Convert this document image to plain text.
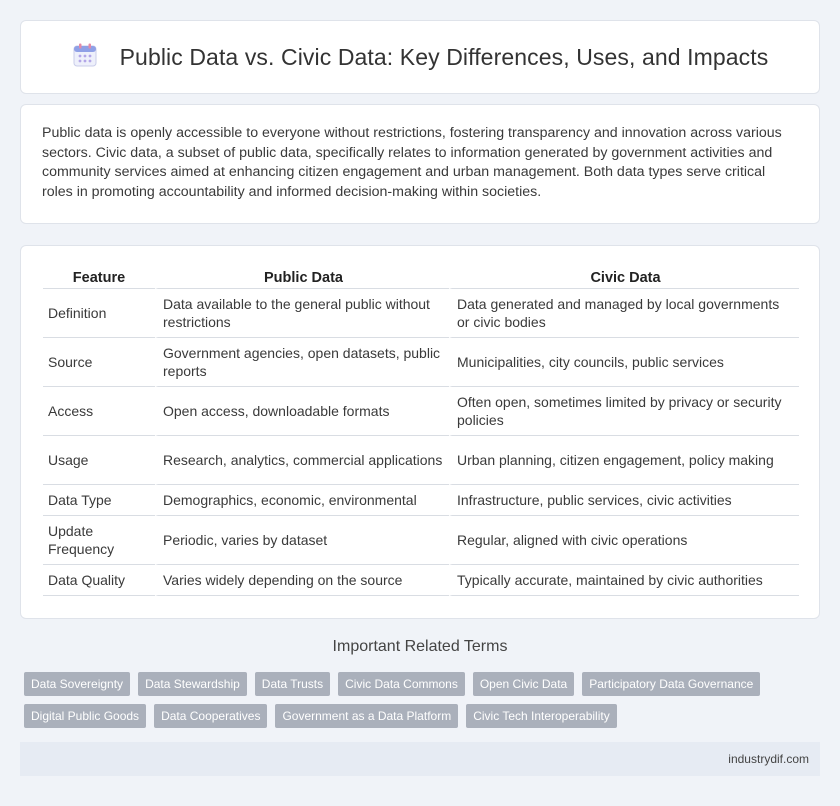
Public Data vs. Civic Data: Key Differences, Uses, and Impacts

Public data is openly accessible to everyone without restrictions, fostering transparency and innovation across various sectors. Civic data, a subset of public data, specifically relates to information generated by government activities and community services aimed at enhancing citizen engagement and urban management. Both data types serve critical roles in promoting accountability and informed decision-making within societies.

Feature	Public Data	Civic Data
Definition	Data available to the general public without restrictions	Data generated and managed by local governments or civic bodies
Source	Government agencies, open datasets, public reports	Municipalities, city councils, public services
Access	Open access, downloadable formats	Often open, sometimes limited by privacy or security policies
Usage	Research, analytics, commercial applications	Urban planning, citizen engagement, policy making
Data Type	Demographics, economic, environmental	Infrastructure, public services, civic activities
Update Frequency	Periodic, varies by dataset	Regular, aligned with civic operations
Data Quality	Varies widely depending on the source	Typically accurate, maintained by civic authorities
Important Related Terms
Data Sovereignty	Data Stewardship	Data Trusts	Civic Data Commons	Open Civic Data	Participatory Data Governance
Digital Public Goods	Data Cooperatives	Government as a Data Platform	Civic Tech Interoperability
industrydif.com
